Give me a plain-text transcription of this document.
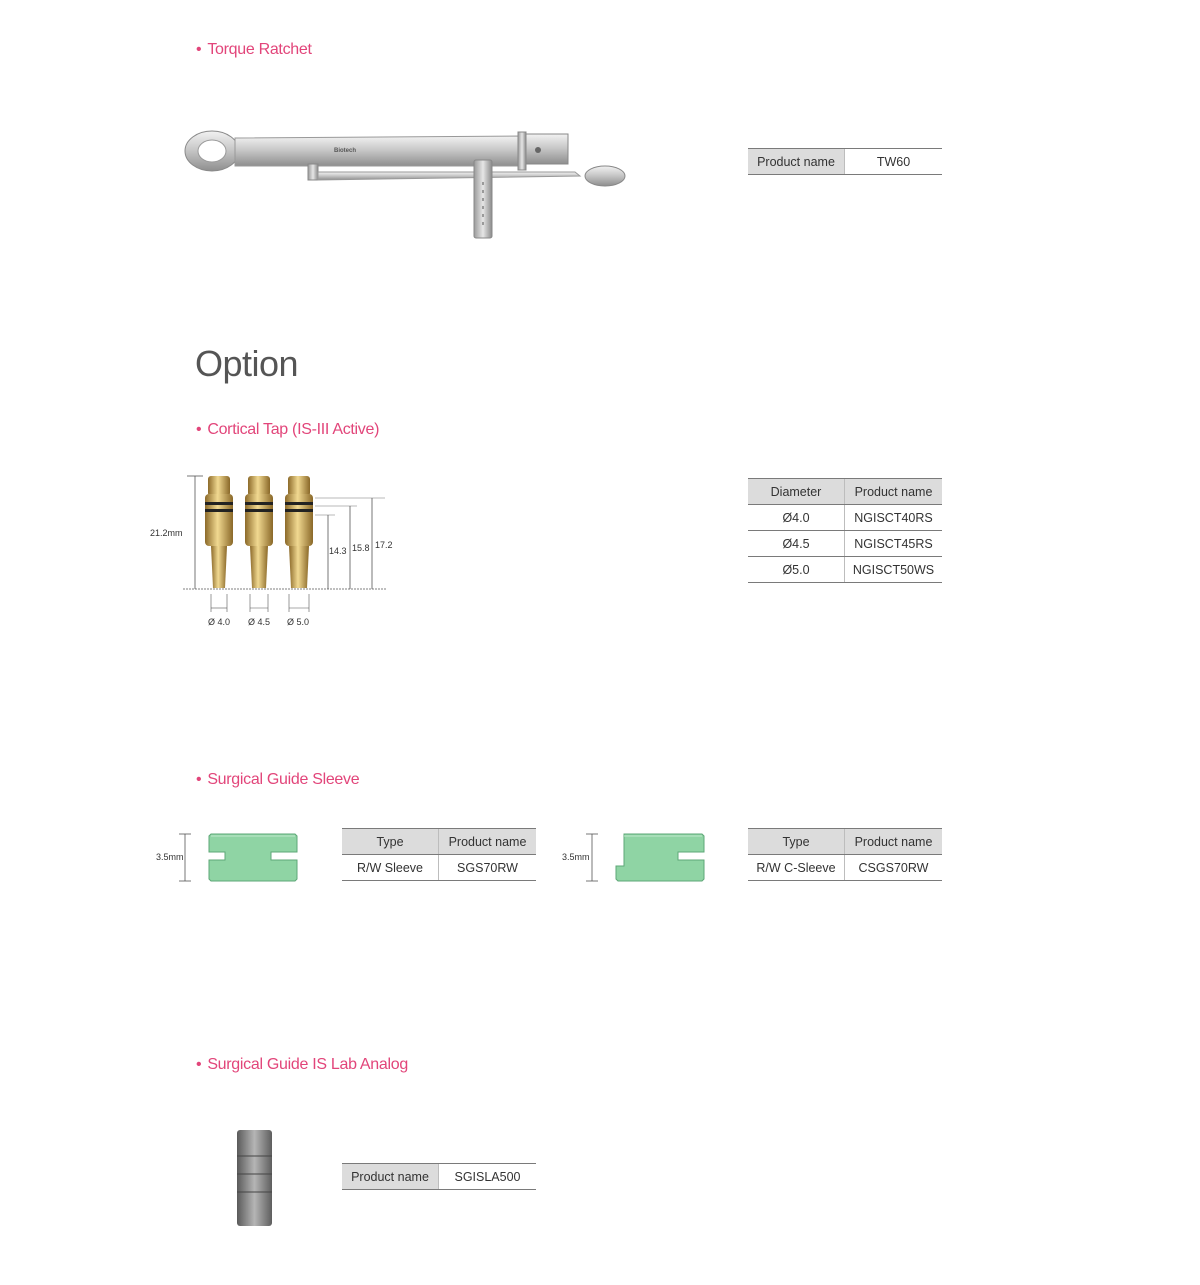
• Torque Ratchet
Biotech
Product name	TW60
Option
• Cortical Tap (IS-III Active)
21.2mm
14.3 15.8 17.2
Ø 4.0 Ø 4.5 Ø 5.0
Diameter	Product name
Ø4.0	NGISCT40RS
Ø4.5	NGISCT45RS
Ø5.0	NGISCT50WS
• Surgical Guide Sleeve
3.5mm
Type	Product name
R/W Sleeve	SGS70RW
3.5mm
Type	Product name
R/W C-Sleeve	CSGS70RW
• Surgical Guide IS Lab Analog
Product name	SGISLA500
